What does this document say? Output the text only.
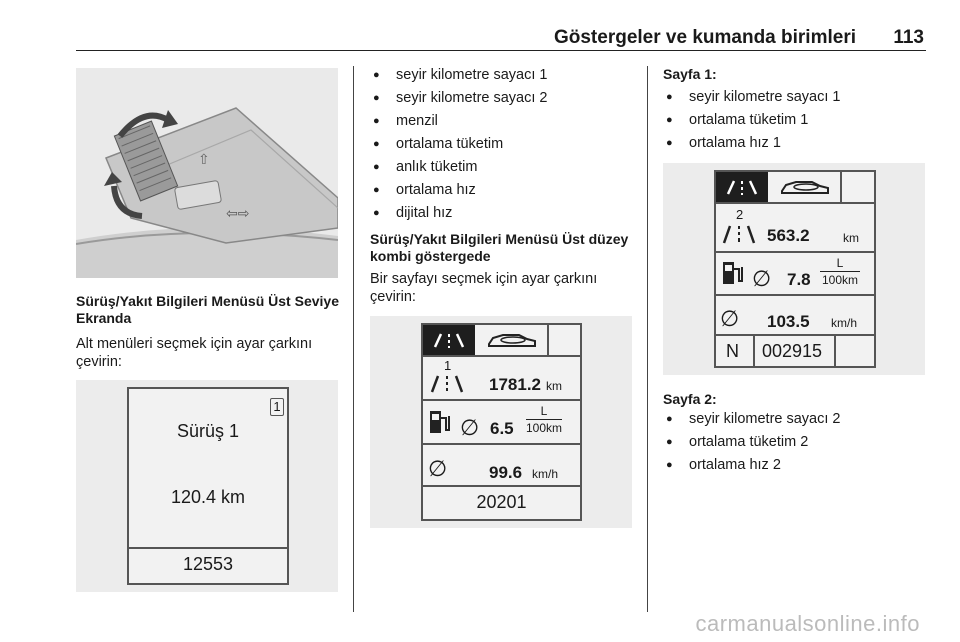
Göstergeler ve kumanda birimleri 113
⇦⇨
⇧
Sürüş/Yakıt Bilgileri Menüsü Üst Seviye Ekranda
Alt menüleri seçmek için ayar çarkını çevirin:
1
Sürüş 1
120.4 km
12553
● seyir kilometre sayacı 1
● seyir kilometre sayacı 2
● menzil
● ortalama tüketim
● anlık tüketim
● ortalama hız
● dijital hız
Sürüş/Yakıt Bilgileri Menüsü Üst düzey kombi göstergede
Bir sayfayı seçmek için ayar çarkını çevirin:
1
1781.2 km
∅ 6.5
L
100km
∅ 99.6 km/h
20201
Sayfa 1:
● seyir kilometre sayacı 1
● ortalama tüketim 1
● ortalama hız 1
2
563.2	km
∅ 7.8
L
100km
∅ 103.5 km/h
N 002915
Sayfa 2:
● seyir kilometre sayacı 2
● ortalama tüketim 2
● ortalama hız 2
carmanualsonline.info
